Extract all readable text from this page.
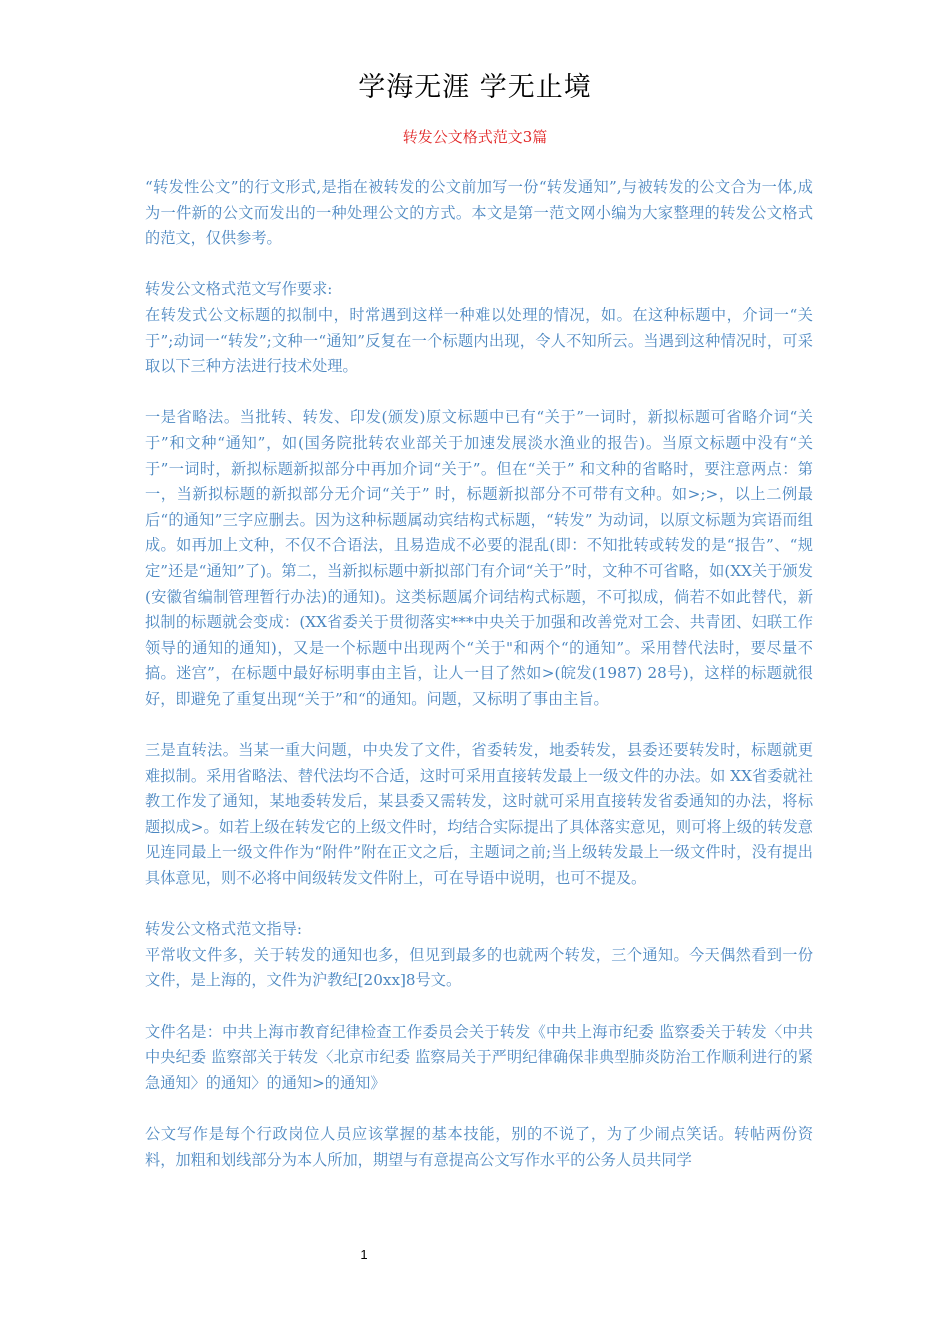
学海无涯 学无止境
转发公文格式范文3篇

“转发性公文”的行文形式,是指在被转发的公文前加写一份“转发通知”,与被转发的公文合为一体,成为一件新的公文而发出的一种处理公文的方式。本文是第一范文网小编为大家整理的转发公文格式的范文，仅供参考。

转发公文格式范文写作要求:

在转发式公文标题的拟制中，时常遇到这样一种难以处理的情况，如。在这种标题中，介词一“关于”;动词一“转发”;文种一“通知”反复在一个标题内出现，令人不知所云。当遇到这种情况时，可采取以下三种方法进行技术处理。

一是省略法。当批转、转发、印发(颁发)原文标题中已有“关于”一词时，新拟标题可省略介词“关于”和文种“通知”，如(国务院批转农业部关于加速发展淡水渔业的报告)。当原文标题中没有“关于”一词时，新拟标题新拟部分中再加介词“关于”。但在“关于” 和文种的省略时，要注意两点：第一，当新拟标题的新拟部分无介词“关于” 时，标题新拟部分不可带有文种。如>;>，以上二例最后“的通知”三字应删去。因为这种标题属动宾结构式标题，“转发” 为动词，以原文标题为宾语而组成。如再加上文种，不仅不合语法，且易造成不必要的混乱(即：不知批转或转发的是“报告”、“规定”还是“通知”了)。第二，当新拟标题中新拟部门有介词“关于”时，文种不可省略，如(XX关于颁发(安徽省编制管理暂行办法)的通知)。这类标题属介词结构式标题，不可拟成，倘若不如此替代，新拟制的标题就会变成：(XX省委关于贯彻落实***中央关于加强和改善党对工会、共青团、妇联工作领导的通知的通知)，又是一个标题中出现两个“关于"和两个“的通知”。采用替代法时，要尽量不搞。迷宫”，在标题中最好标明事由主旨，让人一目了然如>(皖发(1987) 28号)，这样的标题就很好，即避免了重复出现“关于”和“的通知。问题，又标明了事由主旨。

三是直转法。当某一重大问题，中央发了文件，省委转发，地委转发，县委还要转发时，标题就更难拟制。采用省略法、替代法均不合适，这时可采用直接转发最上一级文件的办法。如 XX省委就社教工作发了通知，某地委转发后，某县委又需转发，这时就可采用直接转发省委通知的办法，将标题拟成>。如若上级在转发它的上级文件时，均结合实际提出了具体落实意见，则可将上级的转发意见连同最上一级文件作为“附件”附在正文之后，主题词之前;当上级转发最上一级文件时，没有提出具体意见，则不必将中间级转发文件附上，可在导语中说明，也可不提及。

转发公文格式范文指导:

平常收文件多，关于转发的通知也多，但见到最多的也就两个转发，三个通知。今天偶然看到一份文件，是上海的，文件为沪教纪[20xx]8号文。

文件名是：中共上海市教育纪律检查工作委员会关于转发《中共上海市纪委 监察委关于转发〈中共中央纪委 监察部关于转发〈北京市纪委 监察局关于严明纪律确保非典型肺炎防治工作顺利进行的紧急通知〉的通知〉的通知>的通知》

公文写作是每个行政岗位人员应该掌握的基本技能，别的不说了，为了少闹点笑话。转帖两份资料，加粗和划线部分为本人所加，期望与有意提高公文写作水平的公务人员共同学

1
